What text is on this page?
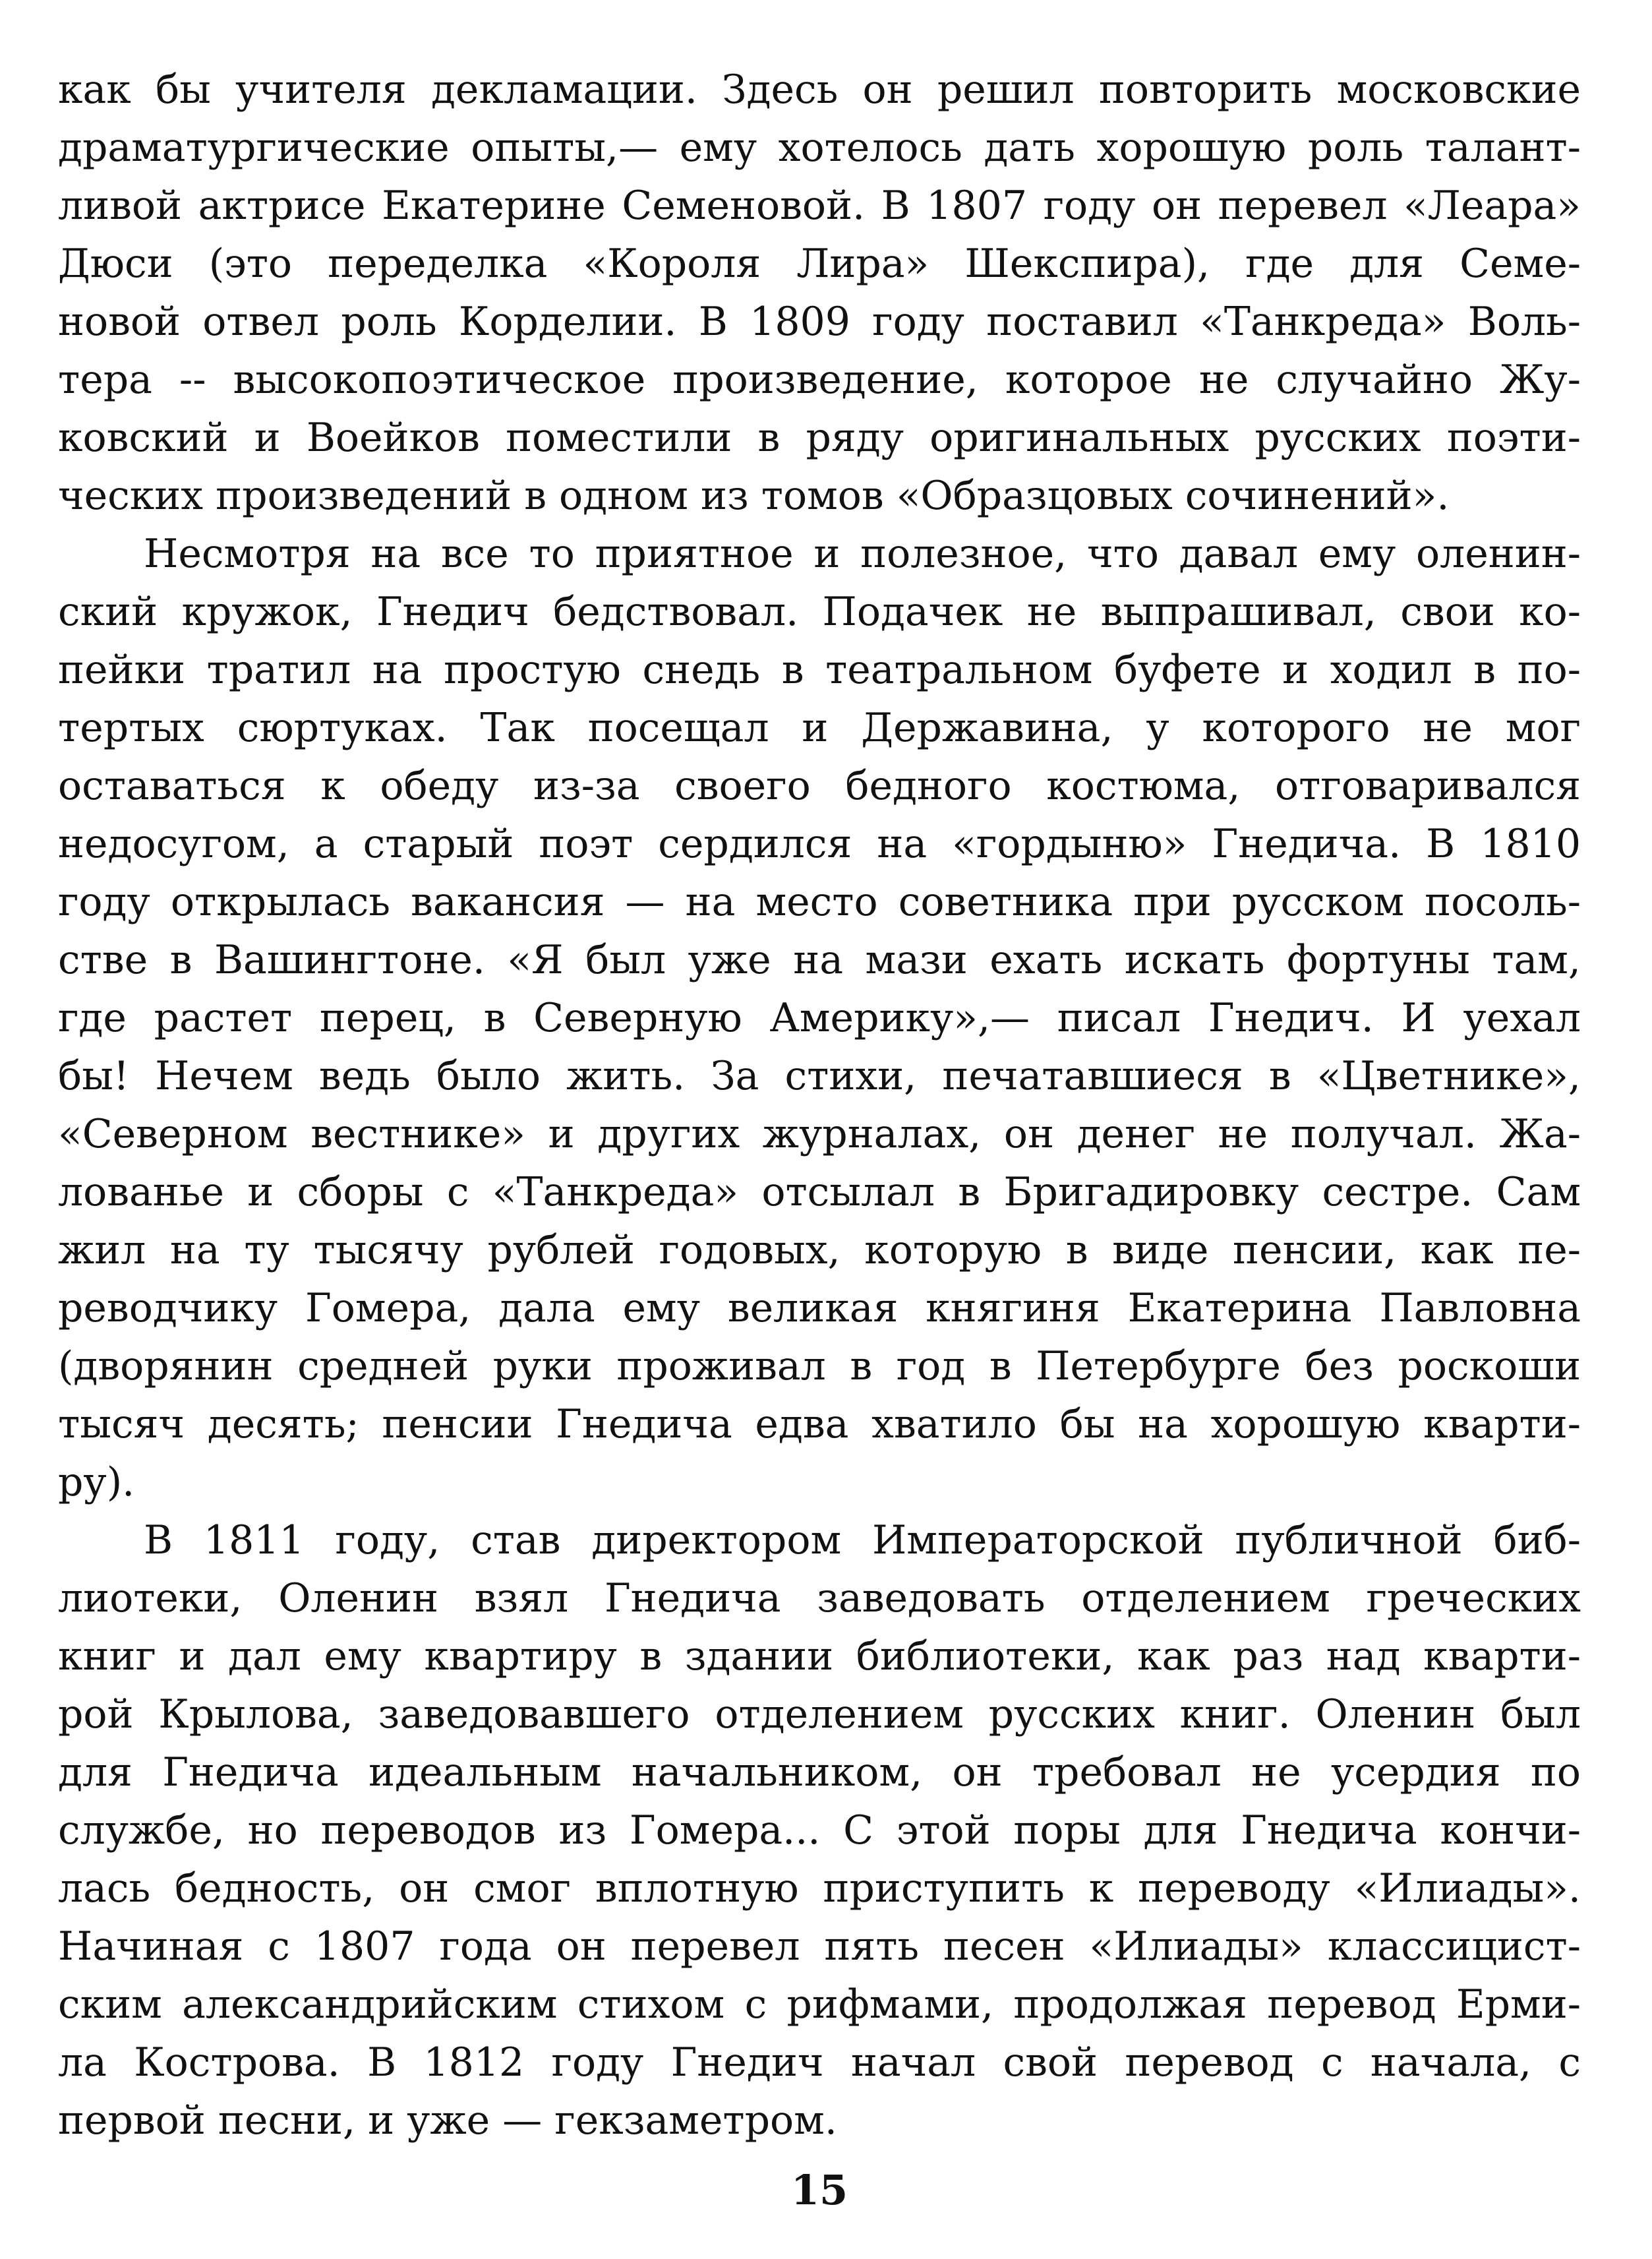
как бы учителя декламации. Здесь он решил повторить московские
драматургические опыты,— ему хотелось дать хорошую роль талант-
ливой актрисе Екатерине Семеновой. В 1807 году он перевел «Леара»
Дюси (это переделка «Короля Лира» Шекспира), где для Семе-
новой отвел роль Корделии. В 1809 году поставил «Танкреда» Воль-
тера -- высокопоэтическое произведение, которое не случайно Жу-
ковский и Воейков поместили в ряду оригинальных русских поэти-
ческих произведений в одном из томов «Образцовых сочинений».

Несмотря на все то приятное и полезное, что давал ему оленин-
ский кружок, Гнедич бедствовал. Подачек не выпрашивал, свои ко-
пейки тратил на простую снедь в театральном буфете и ходил в по-
тертых сюртуках. Так посещал и Державина, у которого не мог
оставаться к обеду из-за своего бедного костюма, отговаривался
недосугом, а старый поэт сердился на «гордыню» Гнедича. В 1810
году открылась вакансия — на место советника при русском посоль-
стве в Вашингтоне. «Я был уже на мази ехать искать фортуны там,
где растет перец, в Северную Америку»,— писал Гнедич. И уехал
бы! Нечем ведь было жить. За стихи, печатавшиеся в «Цветнике»,
«Северном вестнике» и других журналах, он денег не получал. Жа-
лованье и сборы с «Танкреда» отсылал в Бригадировку сестре. Сам
жил на ту тысячу рублей годовых, которую в виде пенсии, как пе-
реводчику Гомера, дала ему великая княгиня Екатерина Павловна
(дворянин средней руки проживал в год в Петербурге без роскоши
тысяч десять; пенсии Гнедича едва хватило бы на хорошую кварти-
ру).

В 1811 году, став директором Императорской публичной биб-
лиотеки, Оленин взял Гнедича заведовать отделением греческих
книг и дал ему квартиру в здании библиотеки, как раз над кварти-
рой Крылова, заведовавшего отделением русских книг. Оленин был
для Гнедича идеальным начальником, он требовал не усердия по
службе, но переводов из Гомера... С этой поры для Гнедича кончи-
лась бедность, он смог вплотную приступить к переводу «Илиады».
Начиная с 1807 года он перевел пять песен «Илиады» классицист-
ским александрийским стихом с рифмами, продолжая перевод Ерми-
ла Кострова. В 1812 году Гнедич начал свой перевод с начала, с
первой песни, и уже — гекзаметром.

15
